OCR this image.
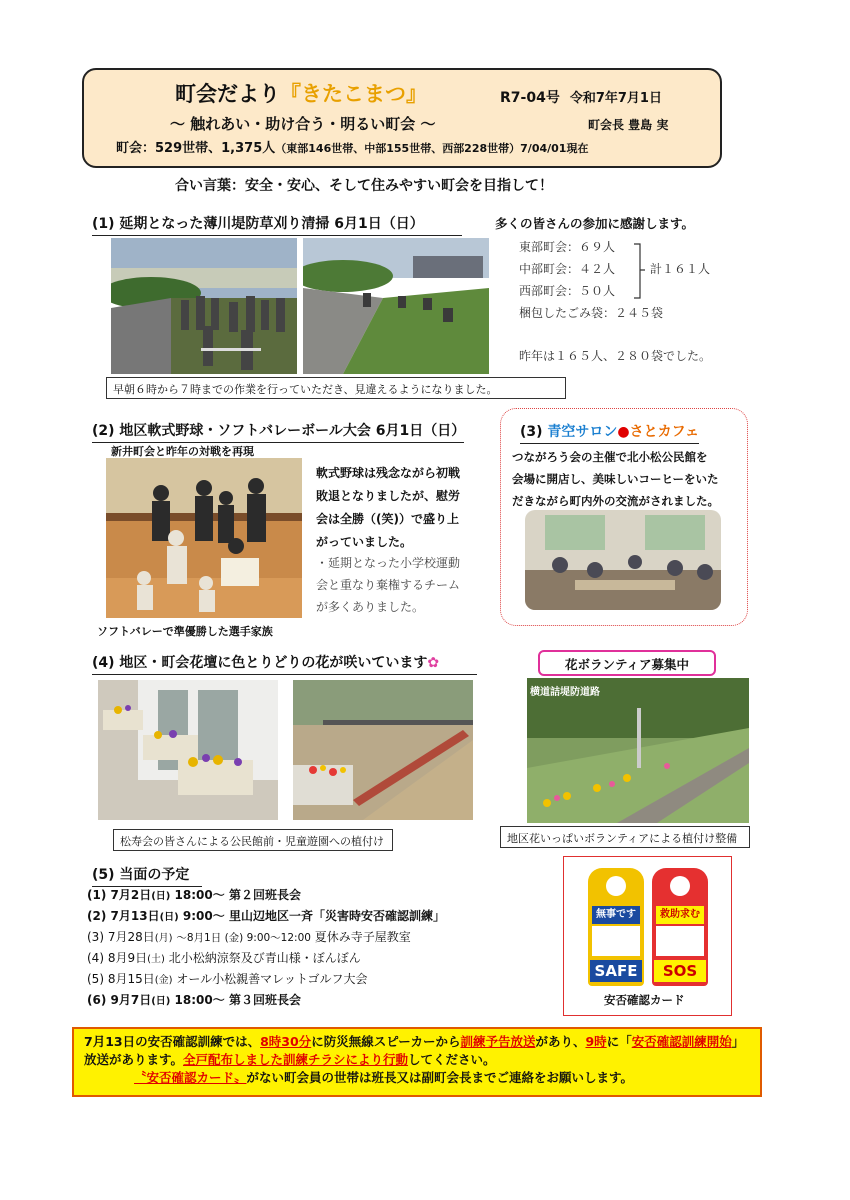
町会だより『きたこまつ』	R7-04号 令和7年7月1日
～ 触れあい・助け合う・明るい町会 ～	町会長 豊島 実
町会：529世帯、1,375人（東部146世帯、中部155世帯、西部228世帯）7/04/01現在
合い言葉：安全・安心、そして住みやすい町会を目指して！
(1) 延期となった薄川堤防草刈り清掃 6月1日（日）
早朝６時から７時までの作業を行っていただき、見違えるようになりました。
多くの皆さんの参加に感謝します。
東部町会：６９人
中部町会：４２人
西部町会：５０人
計１６１人
梱包したごみ袋：２４５袋
昨年は１６５人、２８０袋でした。
(2) 地区軟式野球・ソフトバレーボール大会 6月1日（日）
新井町会と昨年の対戦を再現
ソフトバレーで準優勝した選手家族
軟式野球は残念ながら初戦
敗退となりましたが、慰労
会は全勝（(笑)）で盛り上
がっていました。
・延期となった小学校運動
会と重なり棄権するチーム
が多くありました。
(3) 青空サロン●さとカフェ
つながろう会の主催で北小松公民館を
会場に開店し、美味しいコーヒーをいた
だきながら町内外の交流がされました。
(4) 地区・町会花壇に色とりどりの花が咲いています✿
松寿会の皆さんによる公民館前・児童遊園への植付け
花ボランティア募集中
横道詰堤防道路
地区花いっぱいボランティアによる植付け整備
(5) 当面の予定
(1) 7月2日(日) 18:00～ 第２回班長会
(2) 7月13日(日) 9:00～ 里山辺地区一斉「災害時安否確認訓練」
(3) 7月28日(月) ～8月1日 (金) 9:00～12:00 夏休み寺子屋教室
(4) 8月9日(土) 北小松納涼祭及び青山様・ぼんぼん
(5) 8月15日(金) オール小松親善マレットゴルフ大会
(6) 9月7日(日) 18:00～ 第３回班長会
無事です
SAFE
救助求む
SOS
安否確認カード
7月13日の安否確認訓練では、8時30分に防災無線スピーカーから訓練予告放送があり、9時に「安否確認訓練開始」放送があります。全戸配布しました訓練チラシにより行動してください。
〝安否確認カード〟がない町会員の世帯は班長又は副町会長までご連絡をお願いします。
